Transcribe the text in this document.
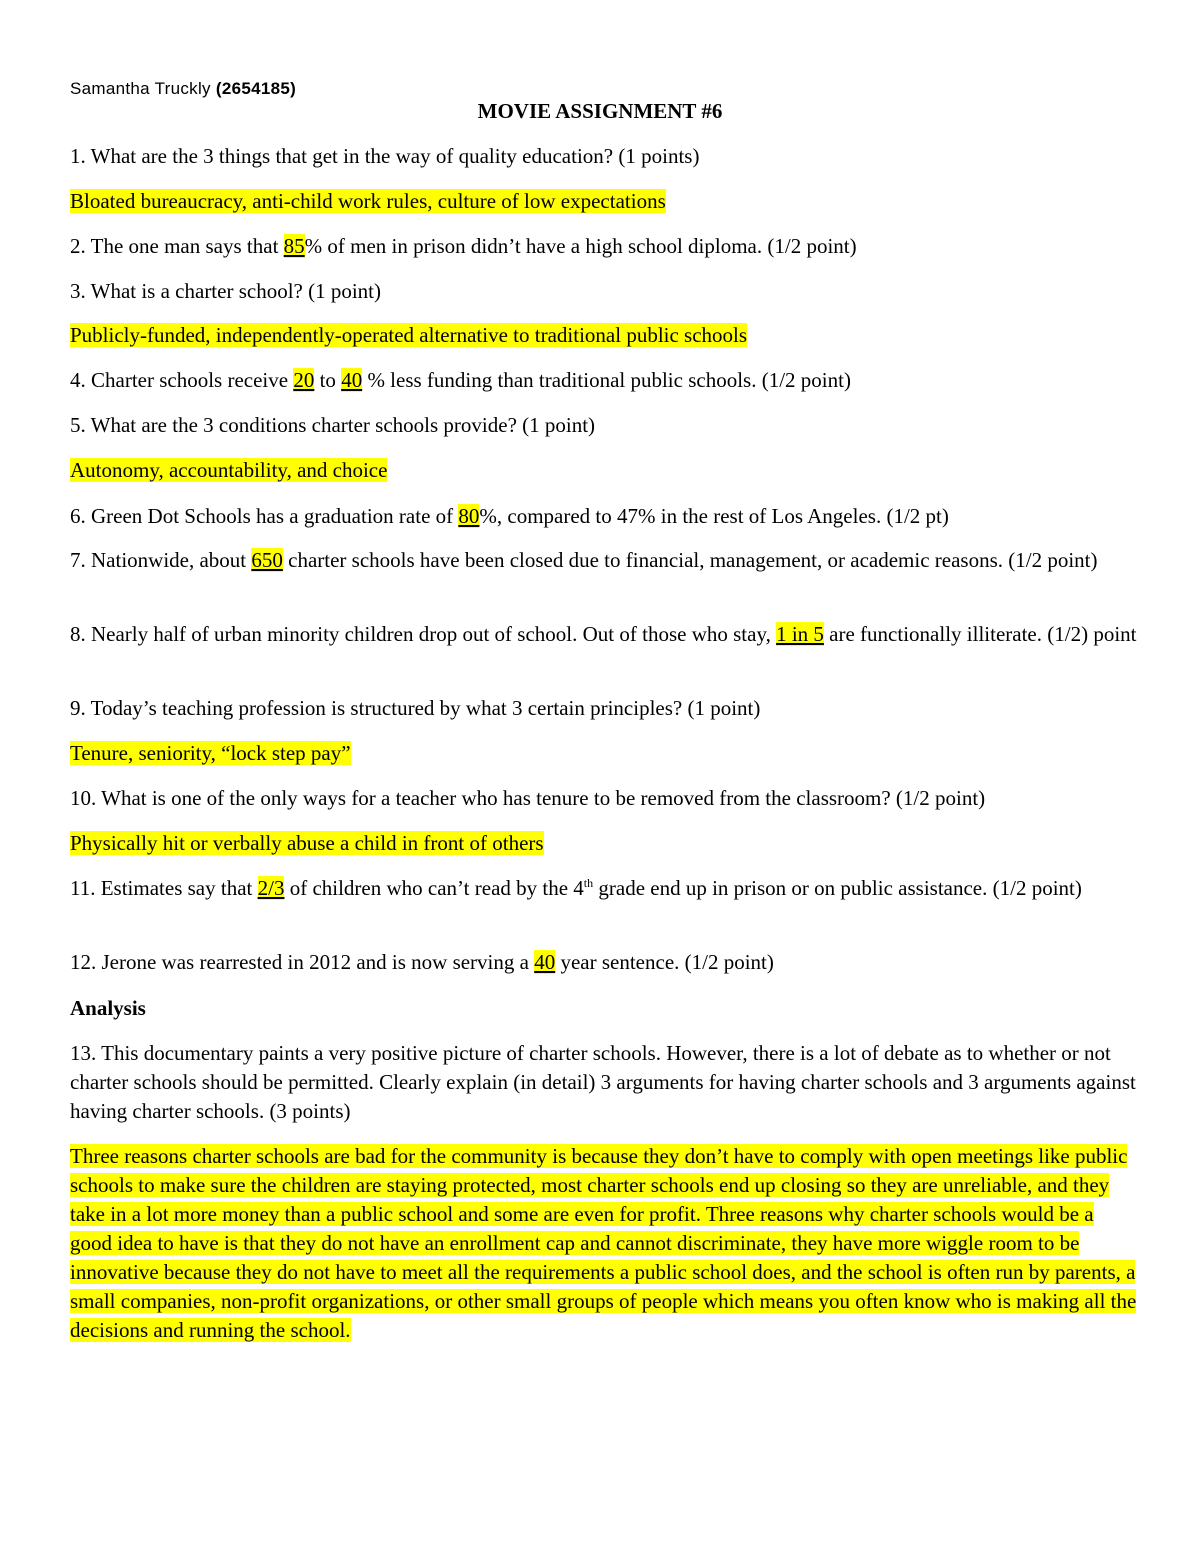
Samantha Truckly (2654185)
MOVIE ASSIGNMENT #6

1. What are the 3 things that get in the way of quality education? (1 points)

Bloated bureaucracy, anti-child work rules, culture of low expectations

2. The one man says that 85% of men in prison didn’t have a high school diploma. (1/2 point)

3. What is a charter school? (1 point)

Publicly-funded, independently-operated alternative to traditional public schools

4. Charter schools receive 20 to 40 % less funding than traditional public schools. (1/2 point)

5. What are the 3 conditions charter schools provide? (1 point)

Autonomy, accountability, and choice

6. Green Dot Schools has a graduation rate of 80%, compared to 47% in the rest of Los Angeles. (1/2 pt)

7. Nationwide, about 650 charter schools have been closed due to financial, management, or academic reasons. (1/2 point)

8. Nearly half of urban minority children drop out of school. Out of those who stay, 1 in 5 are functionally illiterate. (1/2) point

9. Today’s teaching profession is structured by what 3 certain principles? (1 point)

Tenure, seniority, “lock step pay”

10. What is one of the only ways for a teacher who has tenure to be removed from the classroom? (1/2 point)

Physically hit or verbally abuse a child in front of others

11. Estimates say that 2/3 of children who can’t read by the 4th grade end up in prison or on public assistance. (1/2 point)

12. Jerone was rearrested in 2012 and is now serving a 40 year sentence. (1/2 point)

Analysis

13. This documentary paints a very positive picture of charter schools. However, there is a lot of debate as to whether or not charter schools should be permitted. Clearly explain (in detail) 3 arguments for having charter schools and 3 arguments against having charter schools. (3 points)

Three reasons charter schools are bad for the community is because they don’t have to comply with open meetings like public schools to make sure the children are staying protected, most charter schools end up closing so they are unreliable, and they take in a lot more money than a public school and some are even for profit. Three reasons why charter schools would be a good idea to have is that they do not have an enrollment cap and cannot discriminate, they have more wiggle room to be innovative because they do not have to meet all the requirements a public school does, and the school is often run by parents, a small companies, non-profit organizations, or other small groups of people which means you often know who is making all the decisions and running the school.
